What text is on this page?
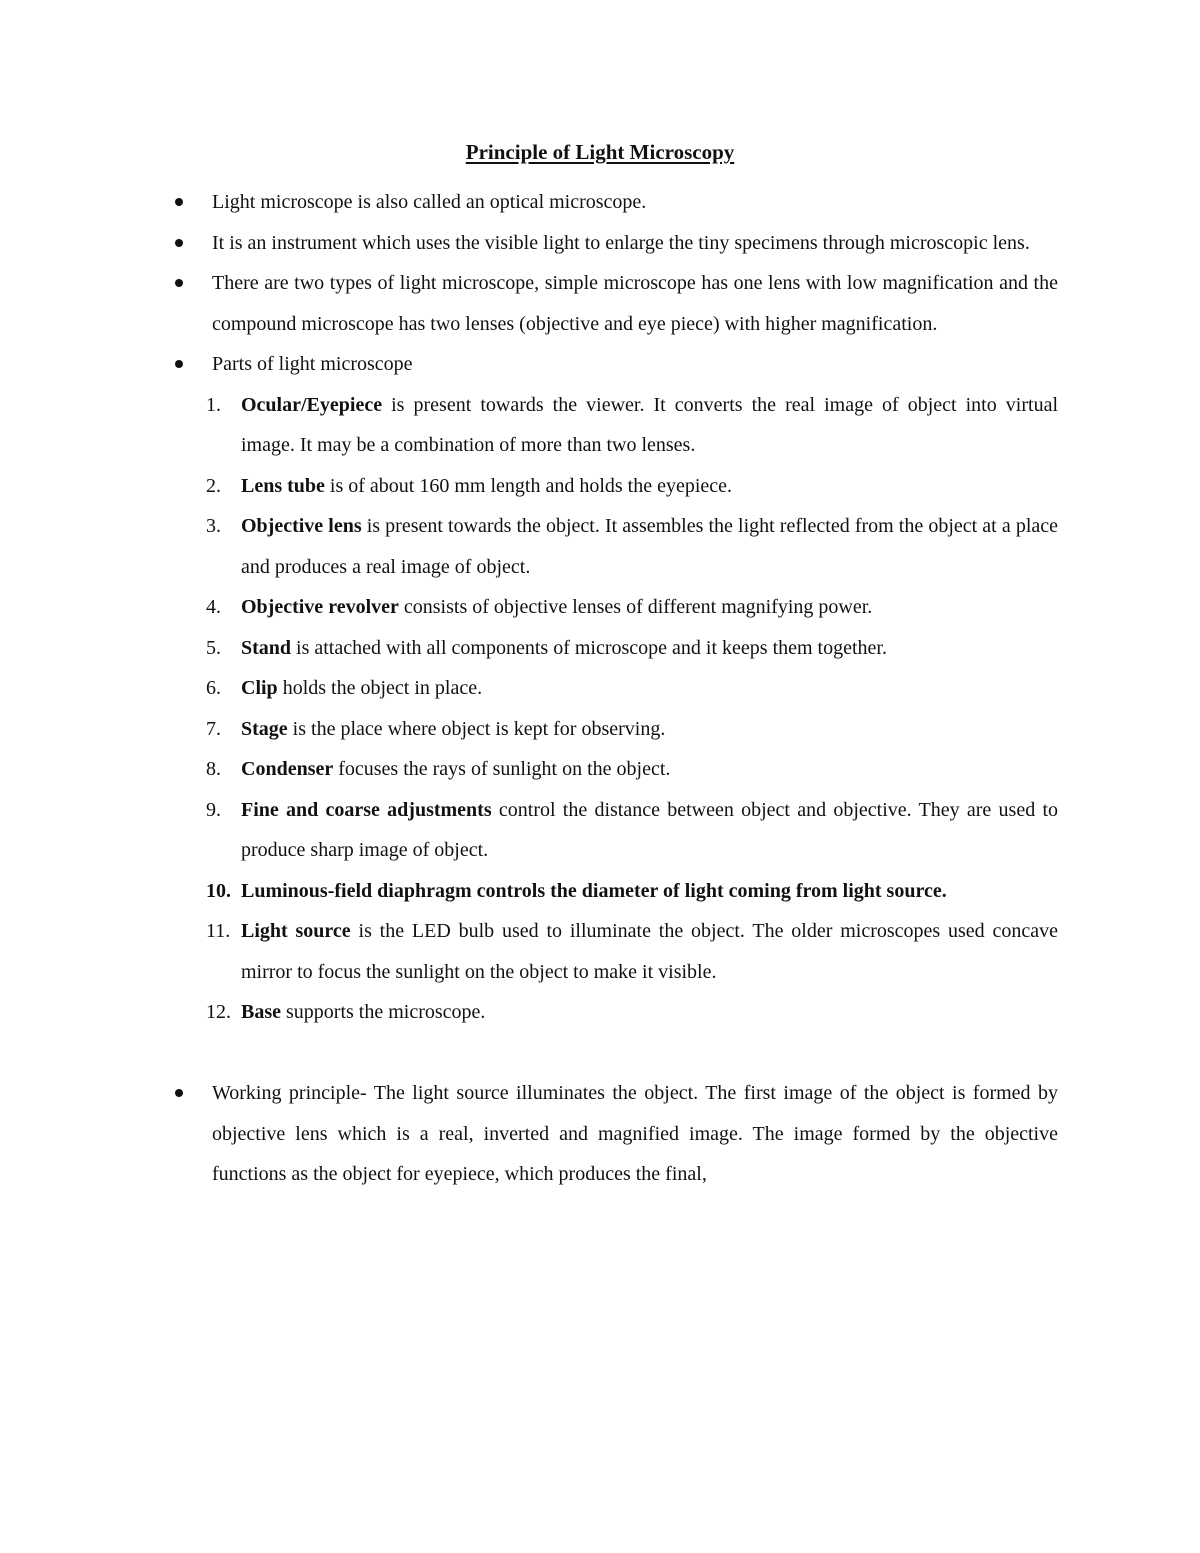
Principle of Light Microscopy
Light microscope is also called an optical microscope.
It is an instrument which uses the visible light to enlarge the tiny specimens through microscopic lens.
There are two types of light microscope, simple microscope has one lens with low magnification and the compound microscope has two lenses (objective and eye piece) with higher magnification.
Parts of light microscope
1.	Ocular/Eyepiece is present towards the viewer. It converts the real image of object into virtual image. It may be a combination of more than two lenses.
2.	Lens tube is of about 160 mm length and holds the eyepiece.
3.	Objective lens is present towards the object. It assembles the light reflected from the object at a place and produces a real image of object.
4.	Objective revolver consists of objective lenses of different magnifying power.
5.	Stand is attached with all components of microscope and it keeps them together.
6.	Clip holds the object in place.
7.	Stage is the place where object is kept for observing.
8.	Condenser focuses the rays of sunlight on the object.
9.	Fine and coarse adjustments control the distance between object and objective. They are used to produce sharp image of object.
10. Luminous-field diaphragm controls the diameter of light coming from light source.
11. Light source is the LED bulb used to illuminate the object. The older microscopes used concave mirror to focus the sunlight on the object to make it visible.
12. Base supports the microscope.
Working principle- The light source illuminates the object. The first image of the object is formed by objective lens which is a real, inverted and magnified image. The image formed by the objective functions as the object for eyepiece, which produces the final,
